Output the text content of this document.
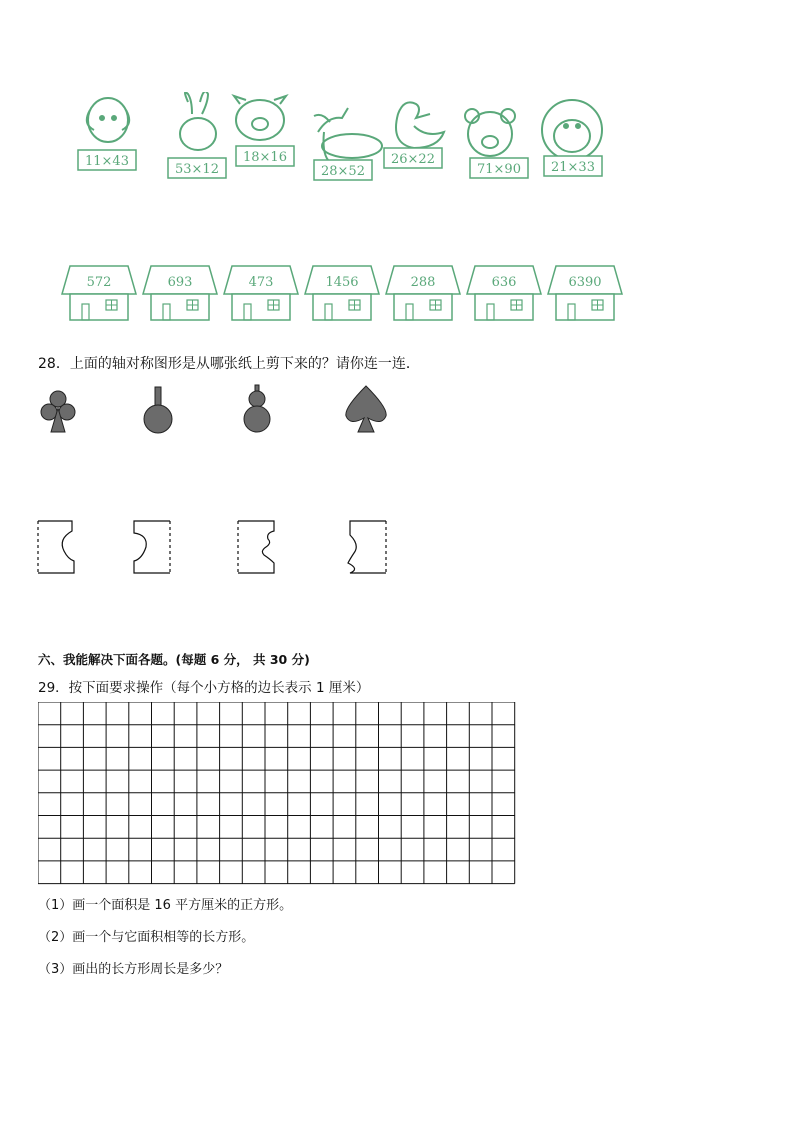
11×43
53×12
18×16
28×52
26×22
71×90 21×33
572	693	473	1456	288	636	6390
28．上面的轴对称图形是从哪张纸上剪下来的？请你连一连．
六、我能解决下面各题。(每题 6 分， 共 30 分)
29．按下面要求操作（每个小方格的边长表示 1 厘米）
（1）画一个面积是 16 平方厘米的正方形。
（2）画一个与它面积相等的长方形。
（3）画出的长方形周长是多少？
